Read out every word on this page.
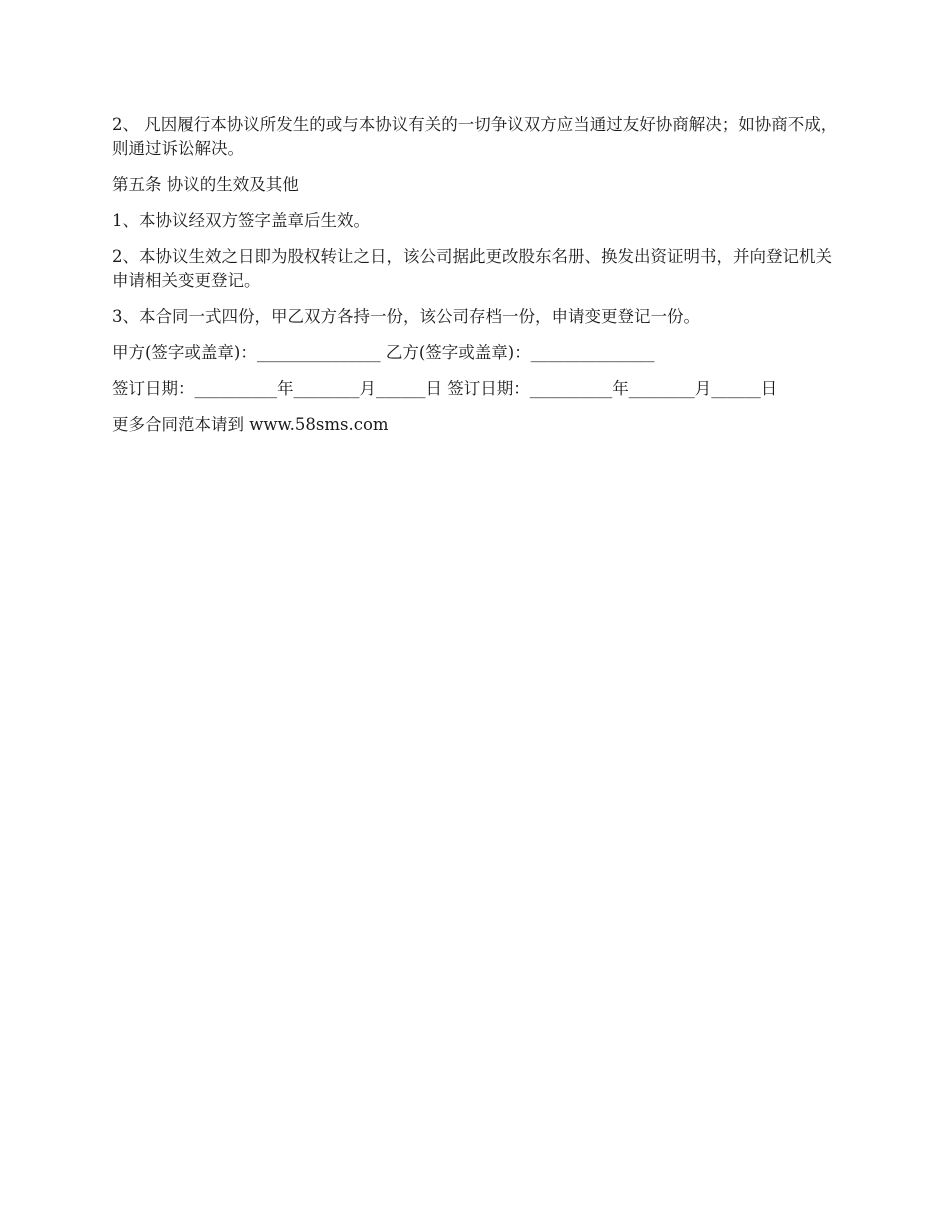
2、 凡因履行本协议所发生的或与本协议有关的一切争议双方应当通过友好协商解决；如协商不成，则通过诉讼解决。

第五条 协议的生效及其他

1、本协议经双方签字盖章后生效。

2、本协议生效之日即为股权转让之日，该公司据此更改股东名册、换发出资证明书，并向登记机关申请相关变更登记。

3、本合同一式四份，甲乙双方各持一份，该公司存档一份，申请变更登记一份。

甲方(签字或盖章)：_______________ 乙方(签字或盖章)：_______________

签订日期：__________年________月______日 签订日期：__________年________月______日

更多合同范本请到 www.58sms.com
